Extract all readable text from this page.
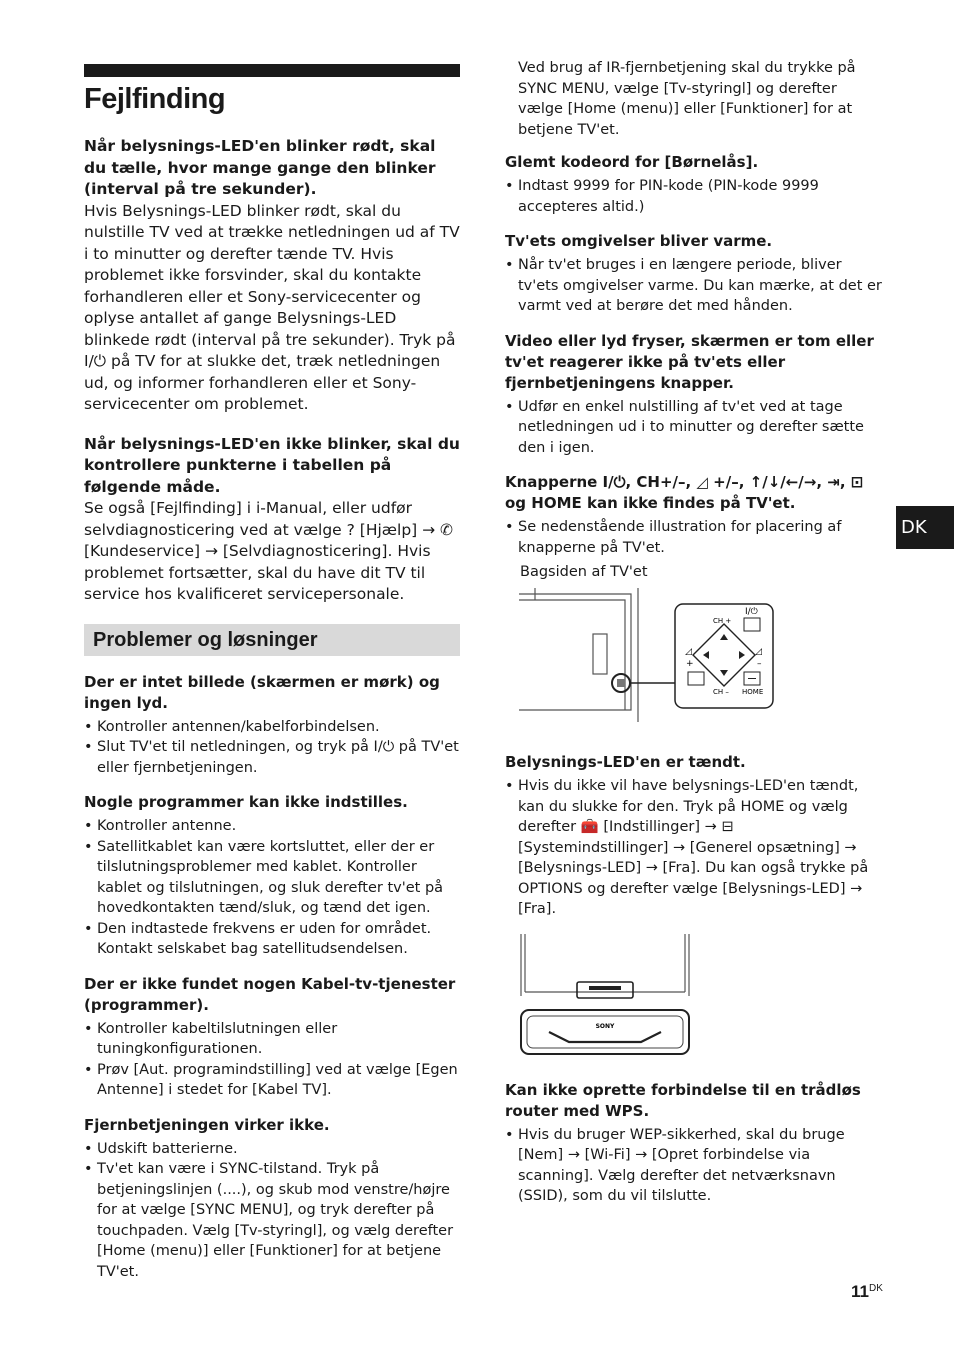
Fejlfinding

Når belysnings-LED'en blinker rødt, skal du tælle, hvor mange gange den blinker (interval på tre sekunder).

Hvis Belysnings-LED blinker rødt, skal du nulstille TV ved at trække netledningen ud af TV i to minutter og derefter tænde TV. Hvis problemet ikke forsvinder, skal du kontakte forhandleren eller et Sony-servicecenter og oplyse antallet af gange Belysnings-LED blinkede rødt (interval på tre sekunder). Tryk på I/⏻ på TV for at slukke det, træk netledningen ud, og informer forhandleren eller et Sony-servicecenter om problemet.

Når belysnings-LED'en ikke blinker, skal du kontrollere punkterne i tabellen på følgende måde.

Se også [Fejlfinding] i i-Manual, eller udfør selvdiagnosticering ved at vælge ? [Hjælp] → ✆ [Kundeservice] → [Selvdiagnosticering]. Hvis problemet fortsætter, skal du have dit TV til service hos kvalificeret servicepersonale.

Problemer og løsninger

Der er intet billede (skærmen er mørk) og ingen lyd.

• Kontroller antennen/kabelforbindelsen.
• Slut TV'et til netledningen, og tryk på I/⏻ på TV'et eller fjernbetjeningen.

Nogle programmer kan ikke indstilles.

• Kontroller antenne.
• Satellitkablet kan være kortsluttet, eller der er tilslutningsproblemer med kablet. Kontroller kablet og tilslutningen, og sluk derefter tv'et på hovedkontakten tænd/sluk, og tænd det igen.
• Den indtastede frekvens er uden for området. Kontakt selskabet bag satellitudsendelsen.

Der er ikke fundet nogen Kabel-tv-tjenester (programmer).

• Kontroller kabeltilslutningen eller tuningkonfigurationen.
• Prøv [Aut. programindstilling] ved at vælge [Egen Antenne] i stedet for [Kabel TV].

Fjernbetjeningen virker ikke.

• Udskift batterierne.
• Tv'et kan være i SYNC-tilstand. Tryk på betjeningslinjen (....), og skub mod venstre/højre for at vælge [SYNC MENU], og tryk derefter på touchpaden. Vælg [Tv-styringl], og vælg derefter [Home (menu)] eller [Funktioner] for at betjene TV'et.
Ved brug af IR-fjernbetjening skal du trykke på SYNC MENU, vælge [Tv-styringl] og derefter vælge [Home (menu)] eller [Funktioner] for at betjene TV'et.

Glemt kodeord for [Børnelås].

• Indtast 9999 for PIN-kode (PIN-kode 9999 accepteres altid.)

Tv'ets omgivelser bliver varme.

• Når tv'et bruges i en længere periode, bliver tv'ets omgivelser varme. Du kan mærke, at det er varmt ved at berøre det med hånden.

Video eller lyd fryser, skærmen er tom eller tv'et reagerer ikke på tv'ets eller fjernbetjeningens knapper.

• Udfør en enkel nulstilling af tv'et ved at tage netledningen ud i to minutter og derefter sætte den i igen.

Knapperne I/⏻, CH+/–, ◿ +/–, ↑/↓/←/→, ⇥, ⊡ og HOME kan ikke findes på TV'et.

• Se nedenstående illustration for placering af knapperne på TV'et.
Bagsiden af TV'et
I/⏻
CH +
CH –
◿
+
◿
–
HOME

Belysnings-LED'en er tændt.

• Hvis du ikke vil have belysnings-LED'en tændt, kan du slukke for den. Tryk på HOME og vælg derefter 🧰 [Indstillinger] → ⊟ [Systemindstillinger] → [Generel opsætning] → [Belysnings-LED] → [Fra]. Du kan også trykke på OPTIONS og derefter vælge [Belysnings-LED] → [Fra].
SONY

Kan ikke oprette forbindelse til en trådløs router med WPS.

• Hvis du bruger WEP-sikkerhed, skal du bruge [Nem] → [Wi-Fi] → [Opret forbindelse via scanning]. Vælg derefter det netværksnavn (SSID), som du vil tilslutte.
DK
$11^{DK}$
